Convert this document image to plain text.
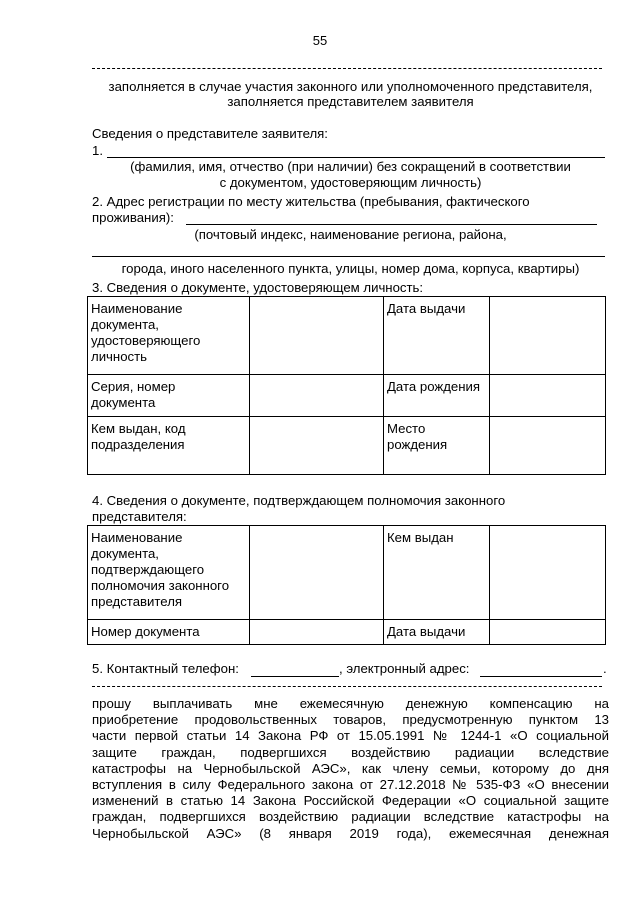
55
заполняется в случае участия законного или уполномоченного представителя,
заполняется представителем заявителя
Сведения о представителе заявителя:
1.
(фамилия, имя, отчество (при наличии) без сокращений в соответствии
с документом, удостоверяющим личность)
2. Адрес регистрации по месту жительства (пребывания, фактического
проживания):
(почтовый индекс, наименование региона, района,
города, иного населенного пункта, улицы, номер дома, корпуса, квартиры)
3. Сведения о документе, удостоверяющем личность:
Наименование документа, удостоверяющего личность		Дата выдачи	
Серия, номер документа		Дата рождения	
Кем выдан, код подразделения		Место рождения	
4. Сведения о документе, подтверждающем полномочия законного
представителя:
Наименование документа, подтверждающего полномочия законного представителя		Кем выдан	
Номер документа		Дата выдачи	
5. Контактный телефон:	, электронный адрес:	.
прошу выплачивать мне ежемесячную денежную компенсацию на
приобретение продовольственных товаров, предусмотренную пунктом 13
части первой статьи 14 Закона РФ от 15.05.1991 № 1244-1 «О социальной
защите граждан, подвергшихся воздействию радиации вследствие
катастрофы на Чернобыльской АЭС», как члену семьи, которому до дня
вступления в силу Федерального закона от 27.12.2018 № 535-ФЗ «О внесении
изменений в статью 14 Закона Российской Федерации «О социальной защите
граждан, подвергшихся воздействию радиации вследствие катастрофы на
Чернобыльской АЭС» (8 января 2019 года), ежемесячная денежная
